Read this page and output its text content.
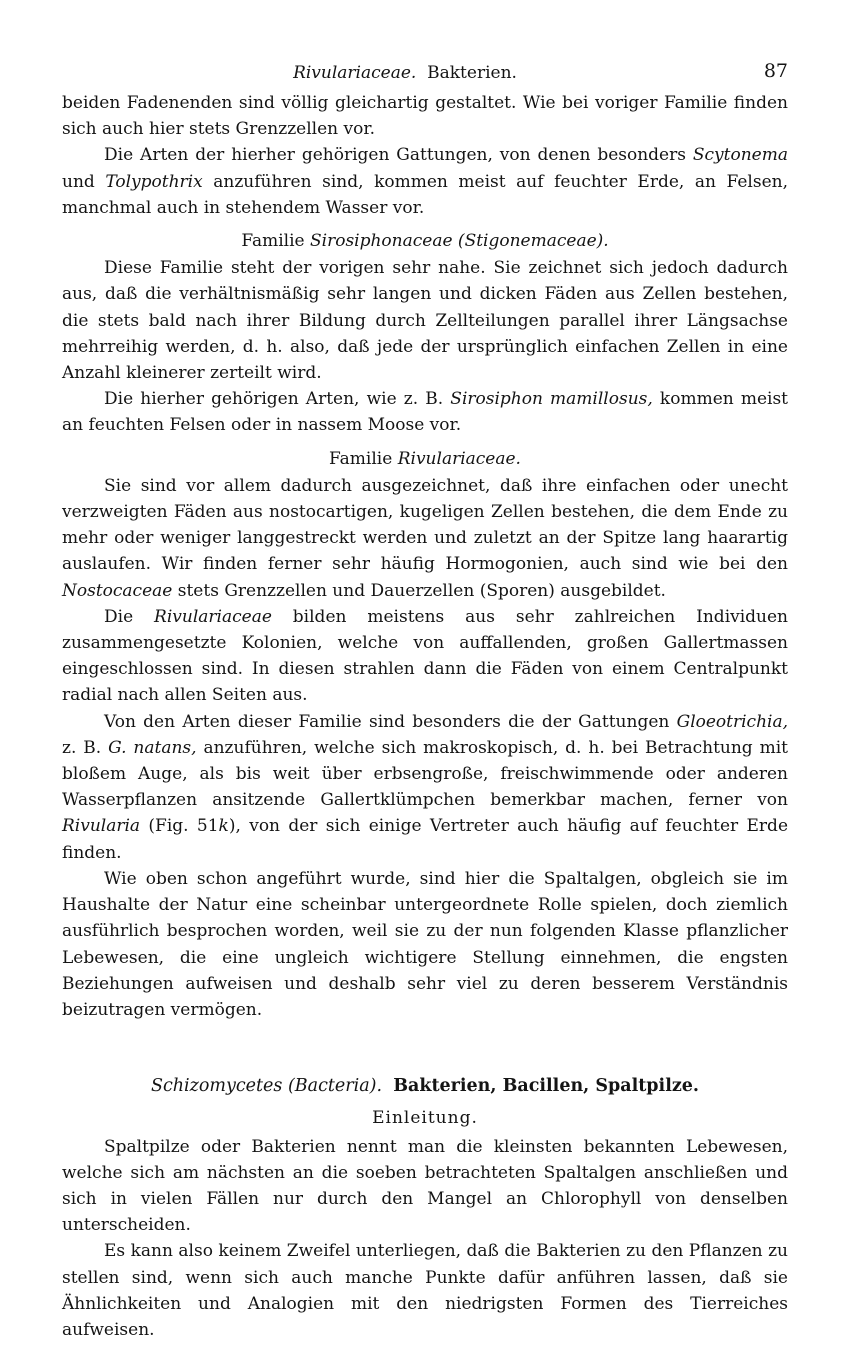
Rivulariaceae. Bakterien.	87

beiden Fadenenden sind völlig gleichartig gestaltet. Wie bei voriger Familie finden sich auch hier stets Grenzzellen vor.

Die Arten der hierher gehörigen Gattungen, von denen besonders Scytonema und Tolypothrix anzuführen sind, kommen meist auf feuchter Erde, an Felsen, manchmal auch in stehendem Wasser vor.

Familie Sirosiphonaceae (Stigonemaceae).

Diese Familie steht der vorigen sehr nahe. Sie zeichnet sich jedoch dadurch aus, daß die verhältnismäßig sehr langen und dicken Fäden aus Zellen bestehen, die stets bald nach ihrer Bildung durch Zellteilungen parallel ihrer Längsachse mehrreihig werden, d. h. also, daß jede der ursprünglich einfachen Zellen in eine Anzahl kleinerer zerteilt wird.

Die hierher gehörigen Arten, wie z. B. Sirosiphon mamillosus, kommen meist an feuchten Felsen oder in nassem Moose vor.

Familie Rivulariaceae.

Sie sind vor allem dadurch ausgezeichnet, daß ihre einfachen oder unecht verzweigten Fäden aus nostocartigen, kugeligen Zellen bestehen, die dem Ende zu mehr oder weniger langgestreckt werden und zuletzt an der Spitze lang haarartig auslaufen. Wir finden ferner sehr häufig Hormogonien, auch sind wie bei den Nostocaceae stets Grenzzellen und Dauerzellen (Sporen) ausgebildet.

Die Rivulariaceae bilden meistens aus sehr zahlreichen Individuen zusammengesetzte Kolonien, welche von auffallenden, großen Gallertmassen eingeschlossen sind. In diesen strahlen dann die Fäden von einem Centralpunkt radial nach allen Seiten aus.

Von den Arten dieser Familie sind besonders die der Gattungen Gloeotrichia, z. B. G. natans, anzuführen, welche sich makroskopisch, d. h. bei Betrachtung mit bloßem Auge, als bis weit über erbsengroße, freischwimmende oder anderen Wasserpflanzen ansitzende Gallertklümpchen bemerkbar machen, ferner von Rivularia (Fig. 51k), von der sich einige Vertreter auch häufig auf feuchter Erde finden.

Wie oben schon angeführt wurde, sind hier die Spaltalgen, obgleich sie im Haushalte der Natur eine scheinbar untergeordnete Rolle spielen, doch ziemlich ausführlich besprochen worden, weil sie zu der nun folgenden Klasse pflanzlicher Lebewesen, die eine ungleich wichtigere Stellung einnehmen, die engsten Beziehungen aufweisen und deshalb sehr viel zu deren besserem Verständnis beizutragen vermögen.

Schizomycetes (Bacteria). Bakterien, Bacillen, Spaltpilze.
Einleitung.

Spaltpilze oder Bakterien nennt man die kleinsten bekannten Lebewesen, welche sich am nächsten an die soeben betrachteten Spaltalgen anschließen und sich in vielen Fällen nur durch den Mangel an Chlorophyll von denselben unterscheiden.

Es kann also keinem Zweifel unterliegen, daß die Bakterien zu den Pflanzen zu stellen sind, wenn sich auch manche Punkte dafür anführen lassen, daß sie Ähnlichkeiten und Analogien mit den niedrigsten Formen des Tierreiches aufweisen.
